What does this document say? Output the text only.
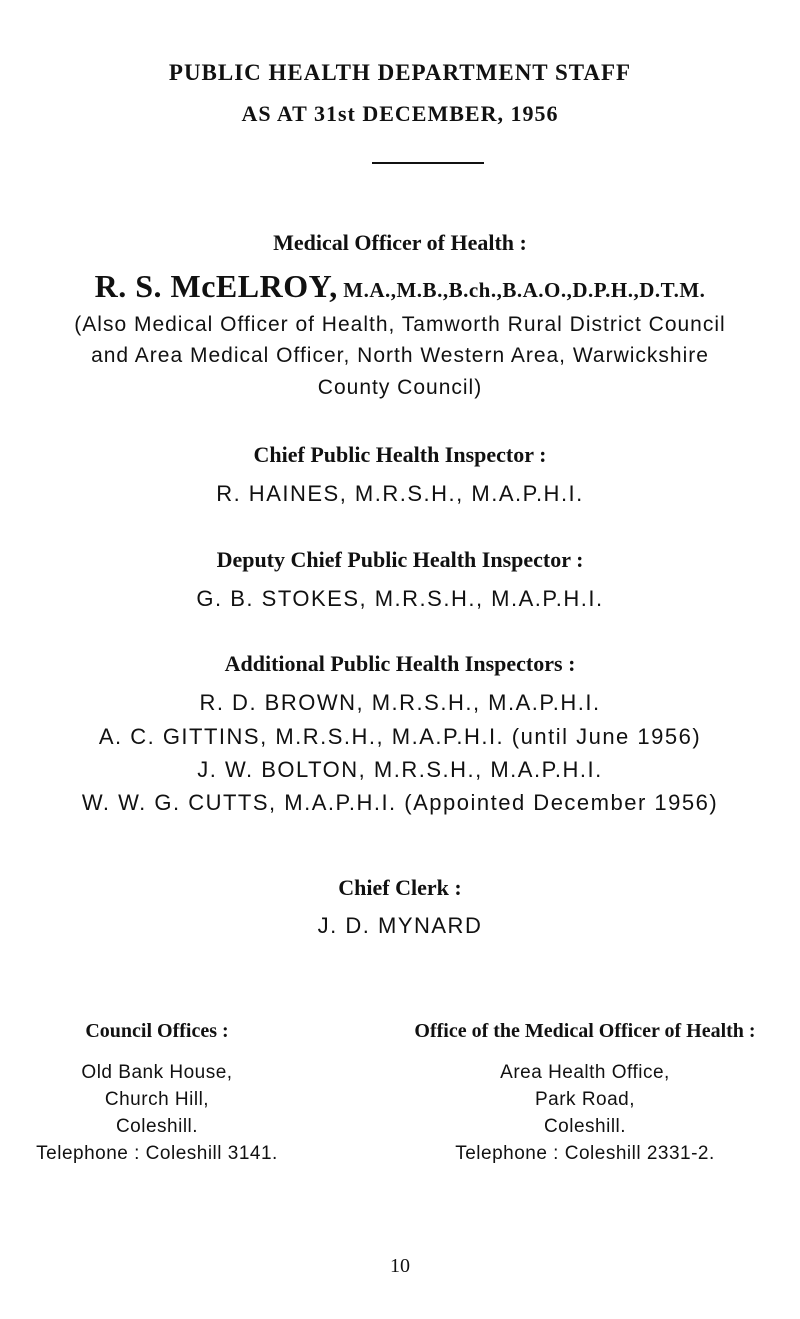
PUBLIC HEALTH DEPARTMENT STAFF
AS AT 31st DECEMBER, 1956
Medical Officer of Health :
R. S. McELROY, M.A.,M.B.,B.ch.,B.A.O.,D.P.H.,D.T.M.
(Also Medical Officer of Health, Tamworth Rural District Council
and Area Medical Officer, North Western Area, Warwickshire
County Council)
Chief Public Health Inspector :
R. HAINES, M.R.S.H., M.A.P.H.I.
Deputy Chief Public Health Inspector :
G. B. STOKES, M.R.S.H., M.A.P.H.I.
Additional Public Health Inspectors :
R. D. BROWN, M.R.S.H., M.A.P.H.I.
A. C. GITTINS, M.R.S.H., M.A.P.H.I. (until June 1956)
J. W. BOLTON, M.R.S.H., M.A.P.H.I.
W. W. G. CUTTS, M.A.P.H.I. (Appointed December 1956)
Chief Clerk :
J. D. MYNARD
Council Offices :
Old Bank House,
Church Hill,
Coleshill.
Telephone : Coleshill 3141.
Office of the Medical Officer of Health :
Area Health Office,
Park Road,
Coleshill.
Telephone : Coleshill 2331-2.
10
